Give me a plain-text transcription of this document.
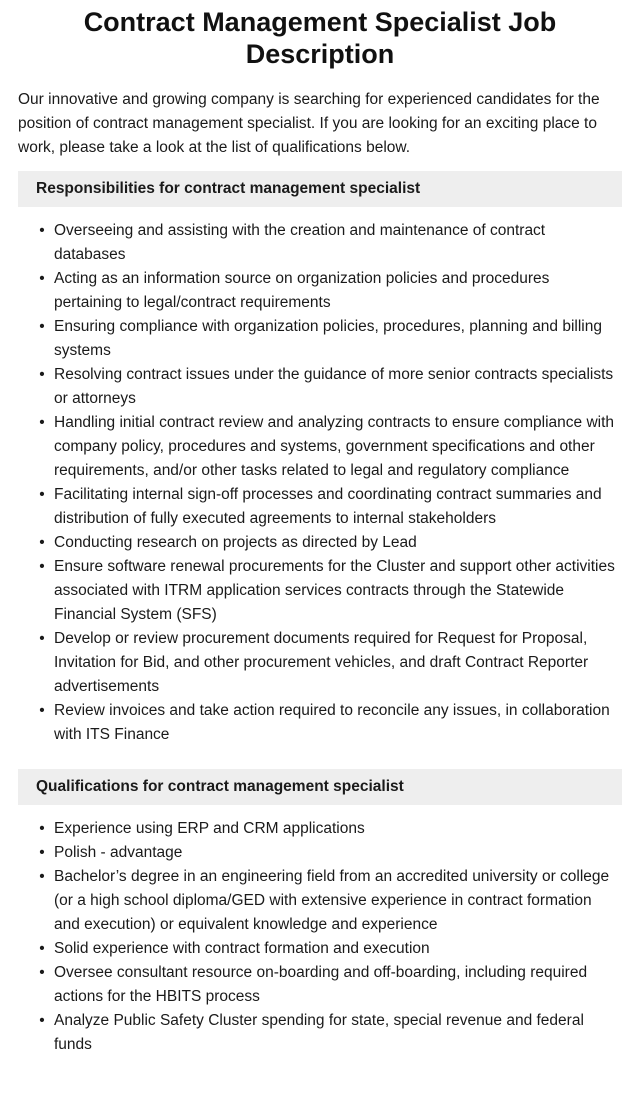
Contract Management Specialist Job Description

Our innovative and growing company is searching for experienced candidates for the position of contract management specialist. If you are looking for an exciting place to work, please take a look at the list of qualifications below.

Responsibilities for contract management specialist
• Overseeing and assisting with the creation and maintenance of contract databases
• Acting as an information source on organization policies and procedures pertaining to legal/contract requirements
• Ensuring compliance with organization policies, procedures, planning and billing systems
• Resolving contract issues under the guidance of more senior contracts specialists or attorneys
• Handling initial contract review and analyzing contracts to ensure compliance with company policy, procedures and systems, government specifications and other requirements, and/or other tasks related to legal and regulatory compliance
• Facilitating internal sign-off processes and coordinating contract summaries and distribution of fully executed agreements to internal stakeholders
• Conducting research on projects as directed by Lead
• Ensure software renewal procurements for the Cluster and support other activities associated with ITRM application services contracts through the Statewide Financial System (SFS)
• Develop or review procurement documents required for Request for Proposal, Invitation for Bid, and other procurement vehicles, and draft Contract Reporter advertisements
• Review invoices and take action required to reconcile any issues, in collaboration with ITS Finance
Qualifications for contract management specialist
• Experience using ERP and CRM applications
• Polish - advantage
• Bachelor’s degree in an engineering field from an accredited university or college (or a high school diploma/GED with extensive experience in contract formation and execution) or equivalent knowledge and experience
• Solid experience with contract formation and execution
• Oversee consultant resource on-boarding and off-boarding, including required actions for the HBITS process
• Analyze Public Safety Cluster spending for state, special revenue and federal funds
